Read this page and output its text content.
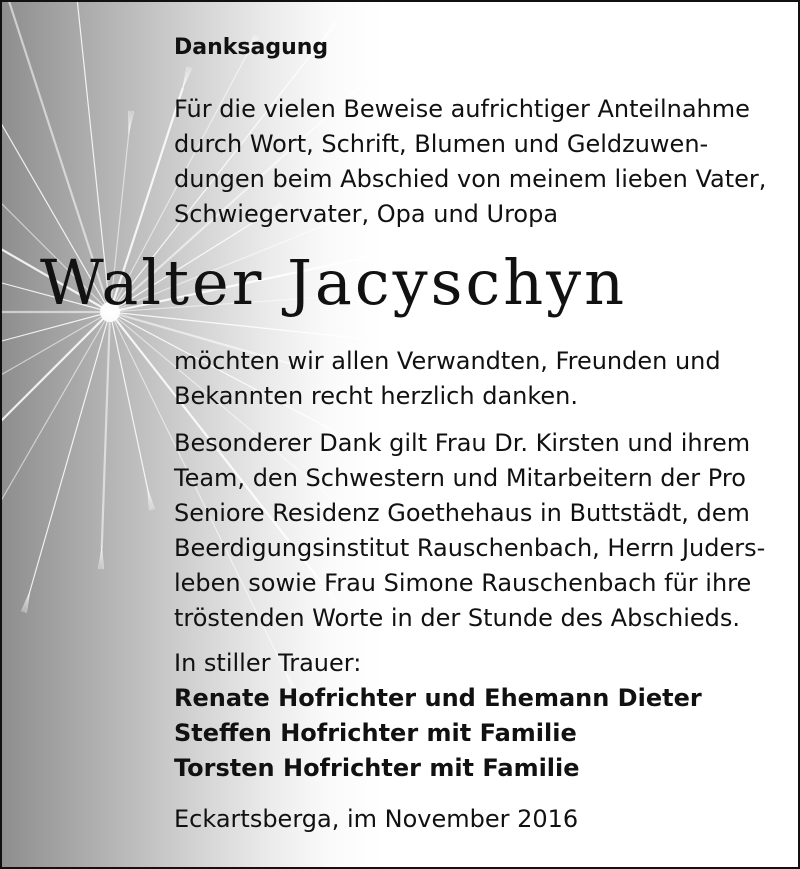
Danksagung
Für die vielen Beweise aufrichtiger Anteilnahme
durch Wort, Schrift, Blumen und Geldzuwen-
dungen beim Abschied von meinem lieben Vater,
Schwiegervater, Opa und Uropa
Walter Jacyschyn
möchten wir allen Verwandten, Freunden und
Bekannten recht herzlich danken.
Besonderer Dank gilt Frau Dr. Kirsten und ihrem
Team, den Schwestern und Mitarbeitern der Pro
Seniore Residenz Goethehaus in Buttstädt, dem
Beerdigungsinstitut Rauschenbach, Herrn Juders-
leben sowie Frau Simone Rauschenbach für ihre
tröstenden Worte in der Stunde des Abschieds.
In stiller Trauer:
Renate Hofrichter und Ehemann Dieter
Steffen Hofrichter mit Familie
Torsten Hofrichter mit Familie
Eckartsberga, im November 2016
